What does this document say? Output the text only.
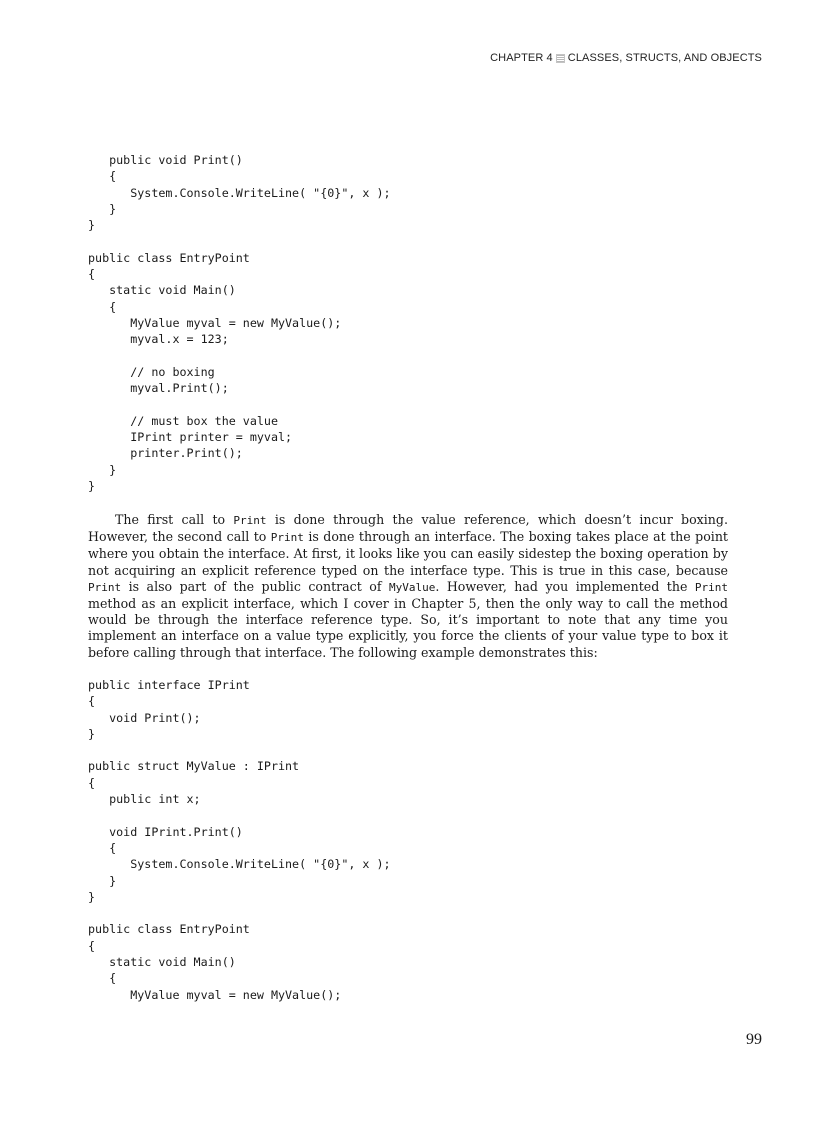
CHAPTER 4 CLASSES, STRUCTS, AND OBJECTS
public void Print()
{
System.Console.WriteLine( "{0}", x );
}
}
public class EntryPoint
{
static void Main()
{
MyValue myval = new MyValue();
myval.x = 123;
// no boxing
myval.Print();
// must box the value
IPrint printer = myval;
printer.Print();
}
}

The first call to Print is done through the value reference, which doesn’t incur boxing. However, the second call to Print is done through an interface. The boxing takes place at the point where you obtain the interface. At first, it looks like you can easily sidestep the boxing operation by not acquiring an explicit reference typed on the interface type. This is true in this case, because Print is also part of the public contract of MyValue. However, had you implemented the Print method as an explicit interface, which I cover in Chapter 5, then the only way to call the method would be through the interface reference type. So, it’s important to note that any time you implement an interface on a value type explicitly, you force the clients of your value type to box it before calling through that interface. The following example demonstrates this:

public interface IPrint
{
void Print();
}
public struct MyValue : IPrint
{
public int x;
void IPrint.Print()
{
System.Console.WriteLine( "{0}", x );
}
}
public class EntryPoint
{
static void Main()
{
MyValue myval = new MyValue();
99
